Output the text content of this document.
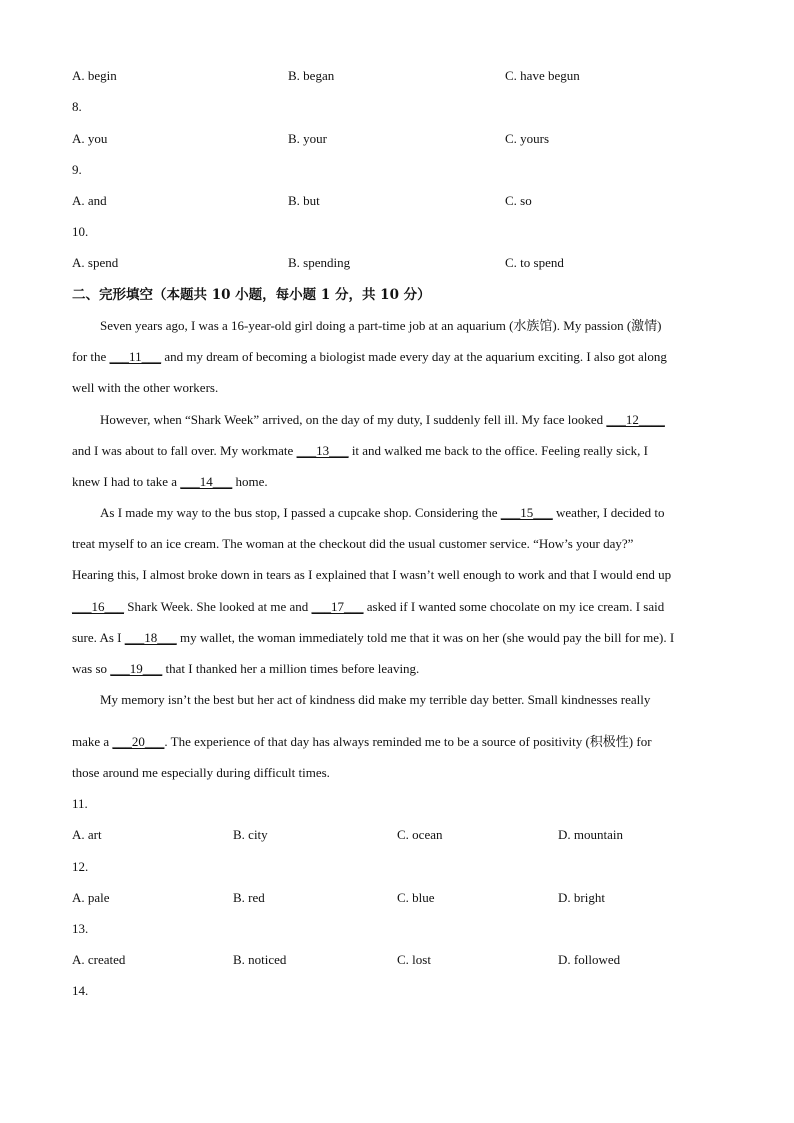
A. begin	B. began	C. have begun
8.
A. you	B. your	C. yours
9.
A. and	B. but	C. so
10.
A. spend	B. spending	C. to spend
二、完形填空（本题共 10 小题，每小题 1 分，共 10 分）
Seven years ago, I was a 16-year-old girl doing a part-time job at an aquarium (水族馆). My passion (激情)
for the ___11___ and my dream of becoming a biologist made every day at the aquarium exciting. I also got along
well with the other workers.
However, when “Shark Week” arrived, on the day of my duty, I suddenly fell ill. My face looked ___12____
and I was about to fall over. My workmate ___13___ it and walked me back to the office. Feeling really sick, I
knew I had to take a ___14___ home.
As I made my way to the bus stop, I passed a cupcake shop. Considering the ___15___ weather, I decided to
treat myself to an ice cream. The woman at the checkout did the usual customer service. “How’s your day?”
Hearing this, I almost broke down in tears as I explained that I wasn’t well enough to work and that I would end up
___16___ Shark Week. She looked at me and ___17___ asked if I wanted some chocolate on my ice cream. I said
sure. As I ___18___ my wallet, the woman immediately told me that it was on her (she would pay the bill for me). I
was so ___19___ that I thanked her a million times before leaving.
My memory isn’t the best but her act of kindness did make my terrible day better. Small kindnesses really
make a ___20___. The experience of that day has always reminded me to be a source of positivity (积极性) for
those around me especially during difficult times.
11.
A. art	B. city	C. ocean	D. mountain
12.
A. pale	B. red	C. blue	D. bright
13.
A. created	B. noticed	C. lost	D. followed
14.
